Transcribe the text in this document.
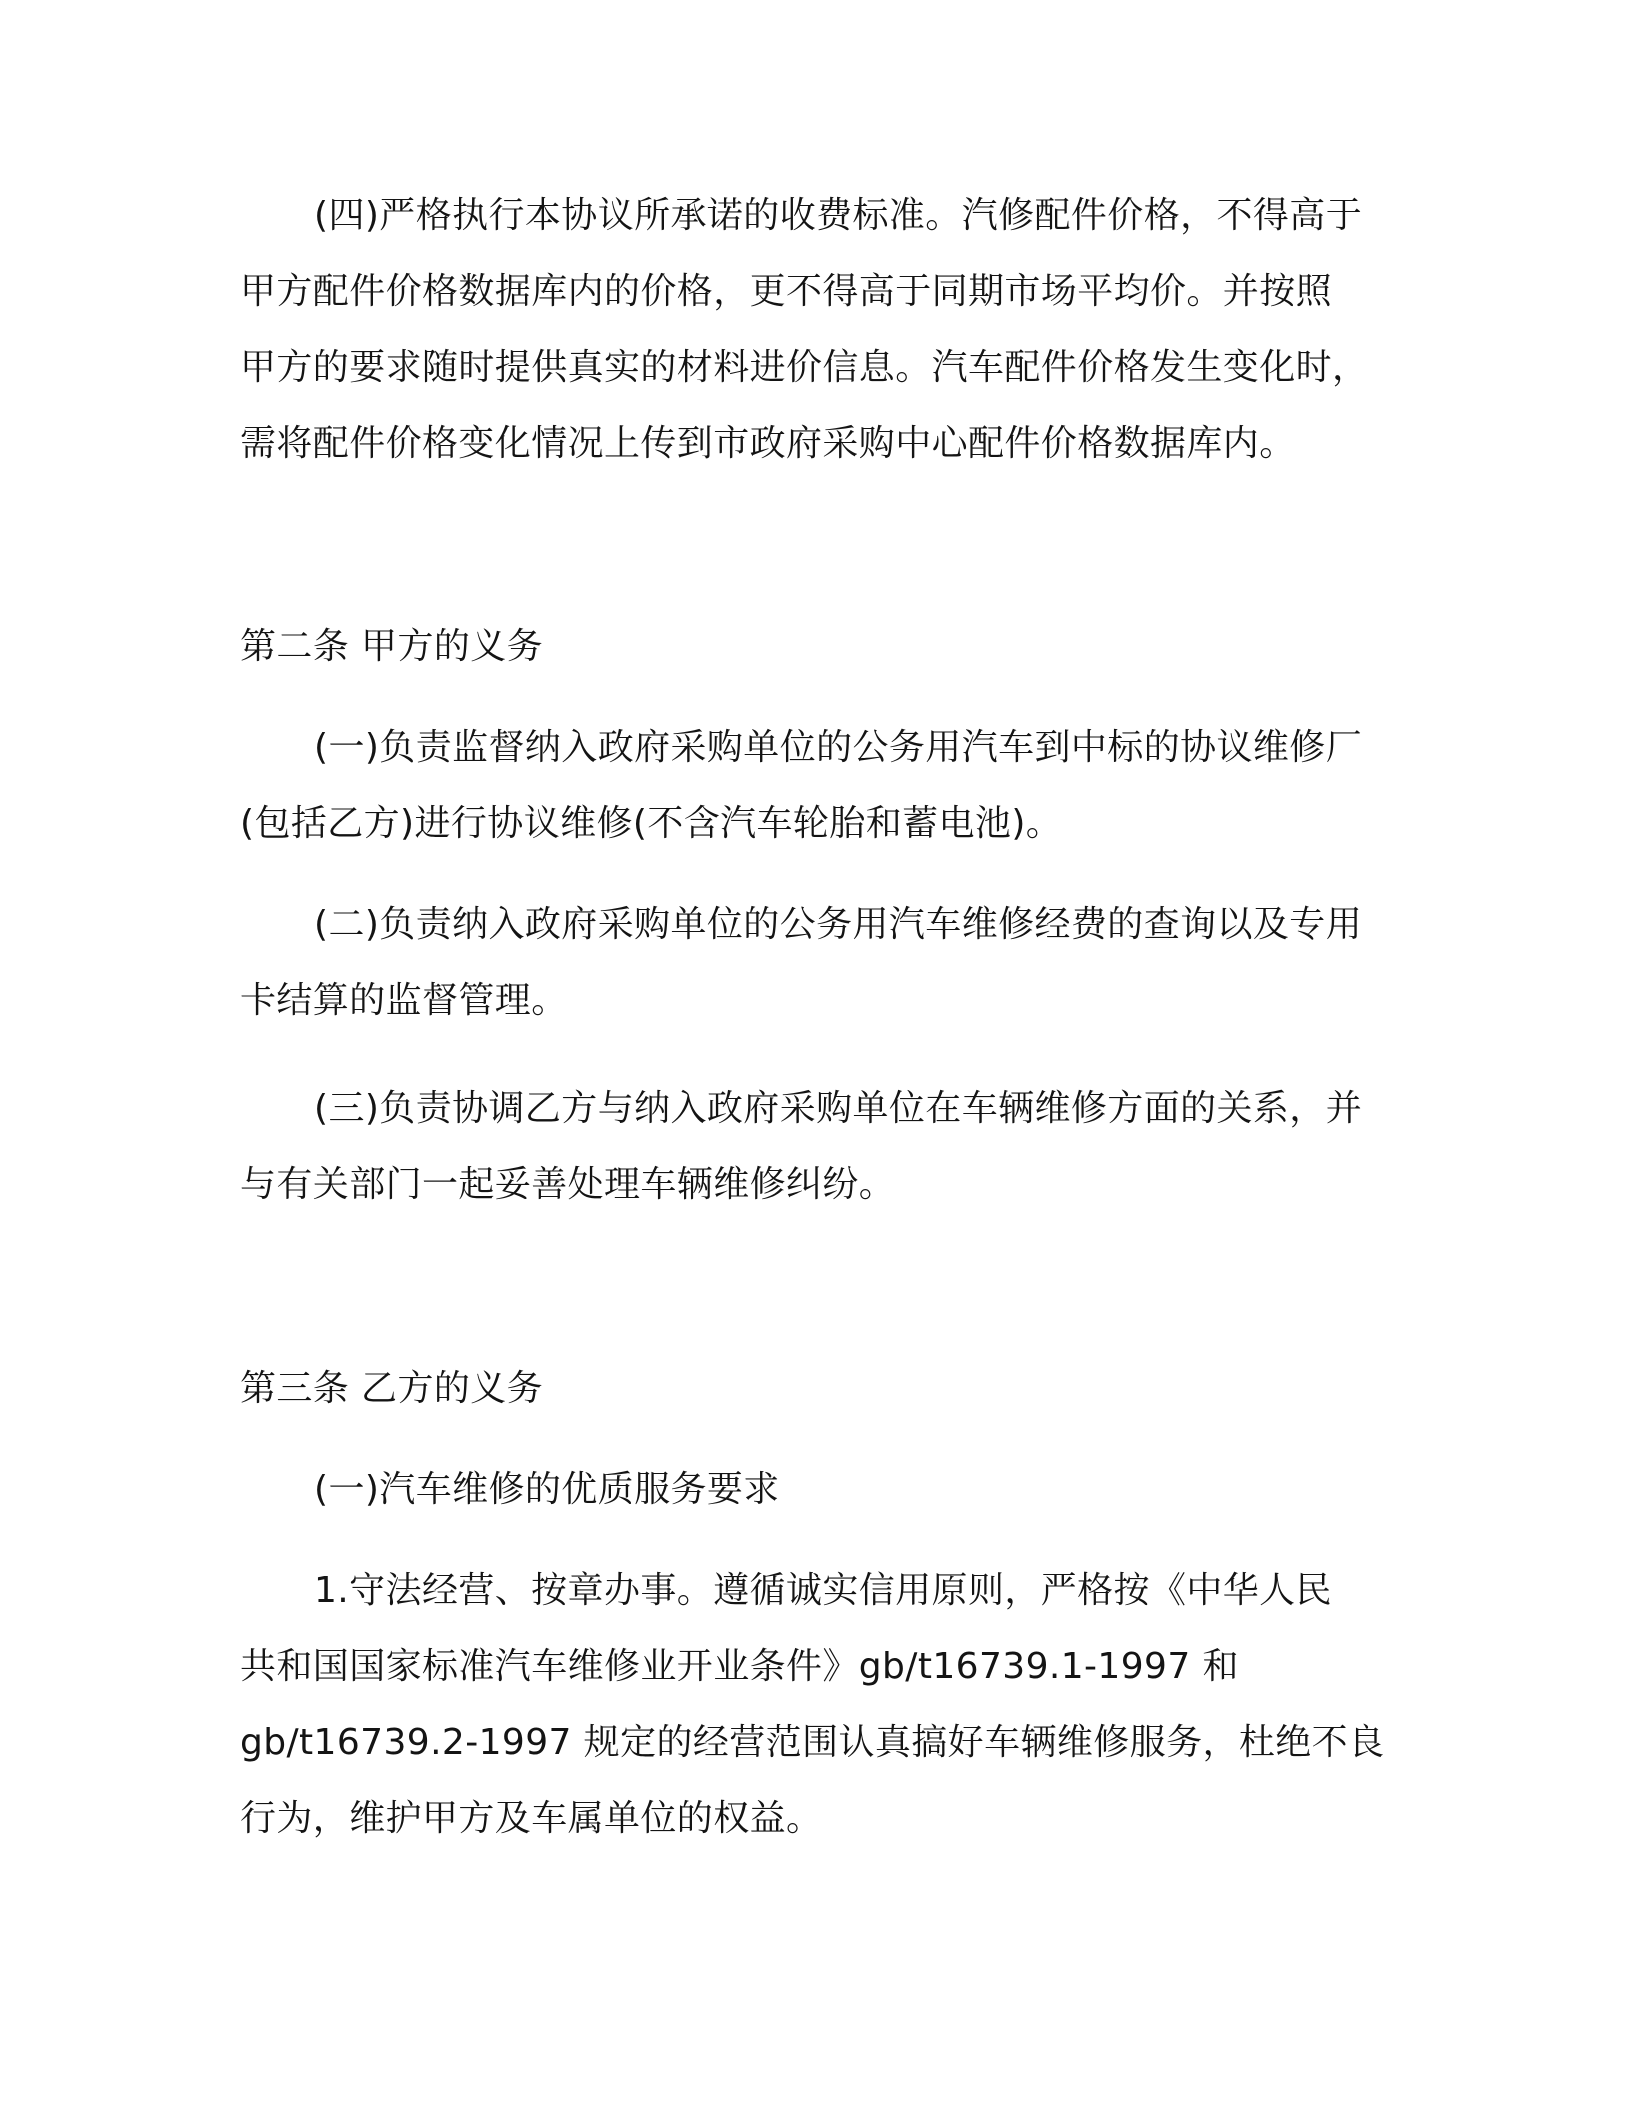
(四)严格执行本协议所承诺的收费标准。汽修配件价格，不得高于
甲方配件价格数据库内的价格，更不得高于同期市场平均价。并按照
甲方的要求随时提供真实的材料进价信息。汽车配件价格发生变化时，
需将配件价格变化情况上传到市政府采购中心配件价格数据库内。
第二条 甲方的义务
(一)负责监督纳入政府采购单位的公务用汽车到中标的协议维修厂
(包括乙方)进行协议维修(不含汽车轮胎和蓄电池)。
(二)负责纳入政府采购单位的公务用汽车维修经费的查询以及专用
卡结算的监督管理。
(三)负责协调乙方与纳入政府采购单位在车辆维修方面的关系，并
与有关部门一起妥善处理车辆维修纠纷。
第三条 乙方的义务
(一)汽车维修的优质服务要求
1.守法经营、按章办事。遵循诚实信用原则，严格按《中华人民
共和国国家标准汽车维修业开业条件》gb/t16739.1-1997 和
gb/t16739.2-1997 规定的经营范围认真搞好车辆维修服务，杜绝不良
行为，维护甲方及车属单位的权益。
